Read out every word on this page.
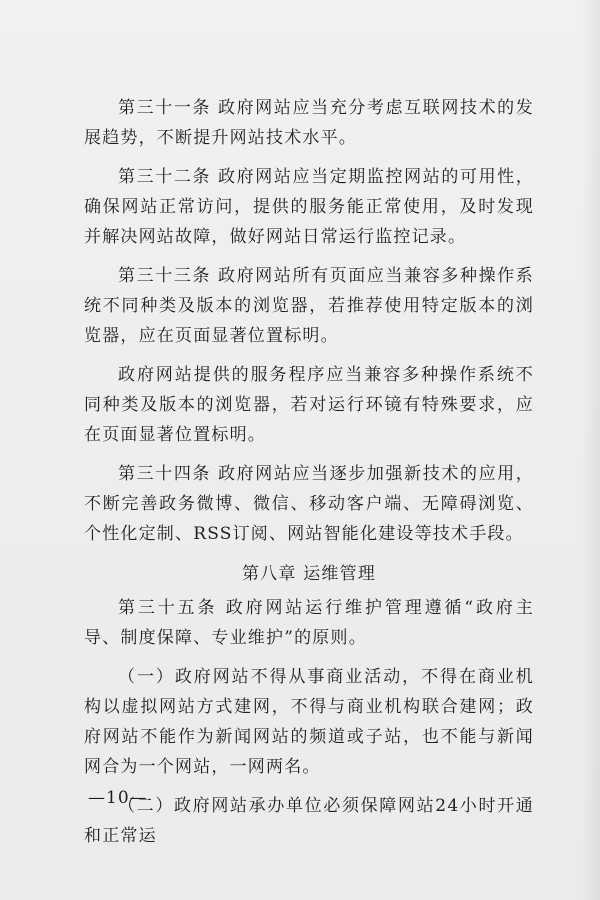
第三十一条 政府网站应当充分考虑互联网技术的发展趋势，不断提升网站技术水平。

第三十二条 政府网站应当定期监控网站的可用性，确保网站正常访问，提供的服务能正常使用，及时发现并解决网站故障，做好网站日常运行监控记录。

第三十三条 政府网站所有页面应当兼容多种操作系统不同种类及版本的浏览器，若推荐使用特定版本的浏览器，应在页面显著位置标明。

政府网站提供的服务程序应当兼容多种操作系统不同种类及版本的浏览器，若对运行环镜有特殊要求，应在页面显著位置标明。

第三十四条 政府网站应当逐步加强新技术的应用，不断完善政务微博、微信、移动客户端、无障碍浏览、个性化定制、RSS订阅、网站智能化建设等技术手段。

第八章 运维管理

第三十五条 政府网站运行维护管理遵循“政府主导、制度保障、专业维护”的原则。

（一）政府网站不得从事商业活动，不得在商业机构以虚拟网站方式建网，不得与商业机构联合建网；政府网站不能作为新闻网站的频道或子站，也不能与新闻网合为一个网站，一网两名。

（二）政府网站承办单位必须保障网站24小时开通和正常运

—10—
